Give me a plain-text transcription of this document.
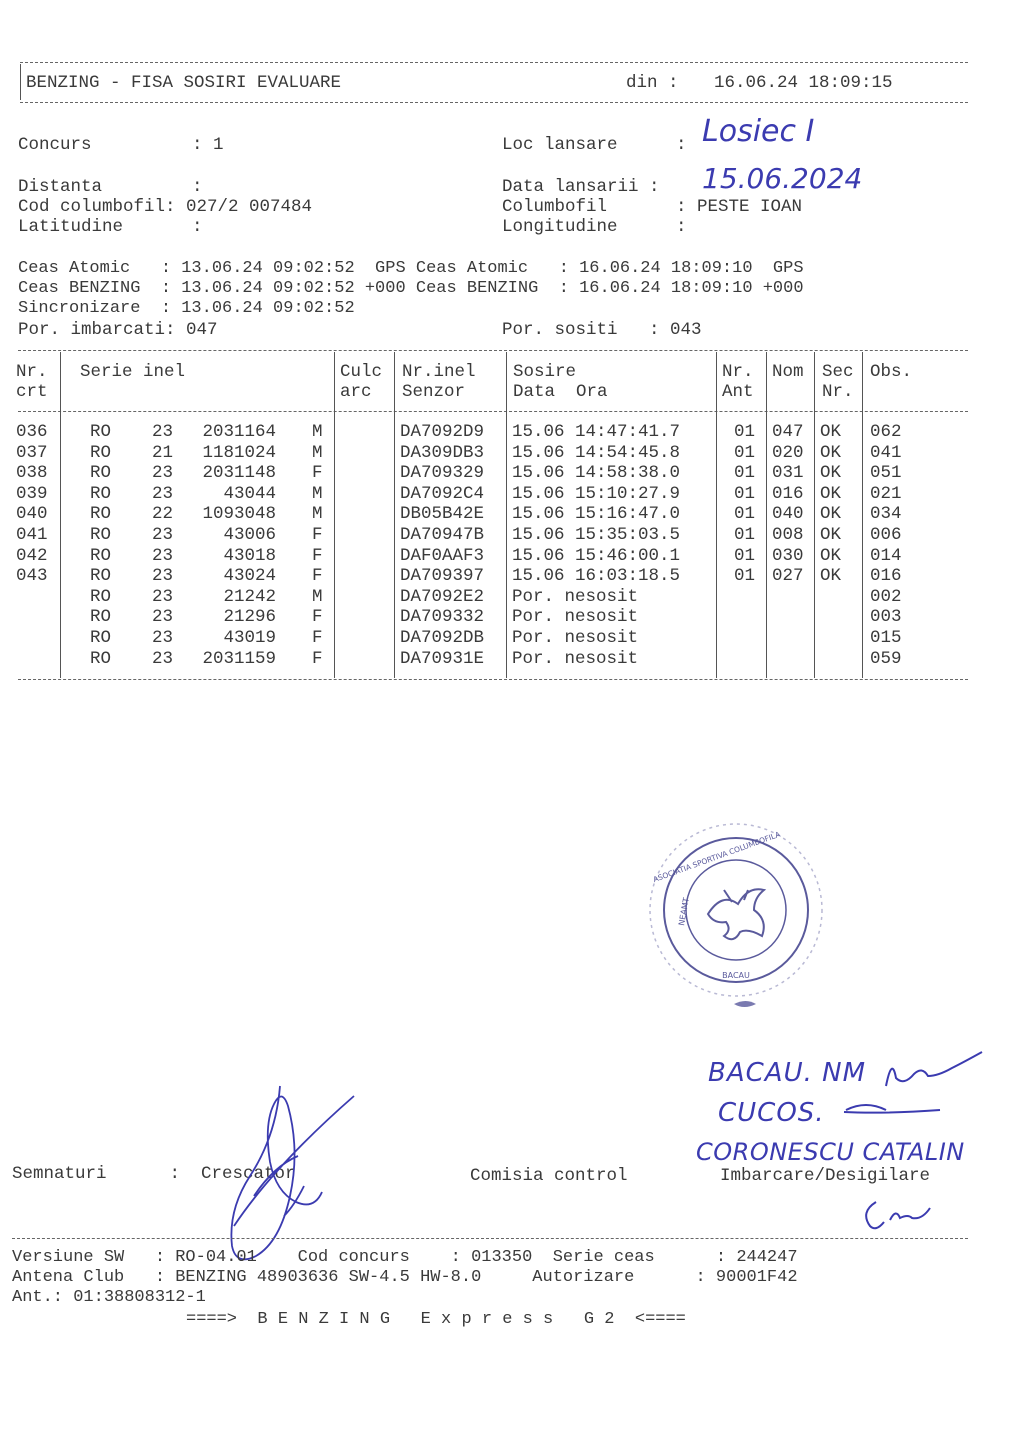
BENZING - FISA SOSIRI EVALUARE	din : 16.06.24 18:09:15
Concurs	: 1	Loc lansare	: Losiec I
Distanta	:	Data lansarii : 15.06.2024
Cod columbofil: 027/2 007484	Columbofil	: PESTE IOAN
Latitudine	:	Longitudine	:
Ceas Atomic   : 13.06.24 09:02:52  GPS Ceas Atomic   : 16.06.24 18:09:10  GPS
Ceas BENZING  : 13.06.24 09:02:52 +000 Ceas BENZING  : 16.06.24 18:09:10 +000
Sincronizare  : 13.06.24 09:02:52
Por. imbarcati: 047	Por. sositi   : 043
Nr.
crt
Serie inel	Culc
arc
Nr.inel
Senzor
Sosire
Data  Ora
Nr.
Ant
Nom Sec
Nr.
Obs.
036 RO 23 2031164 M	DA7092D9 15.06 14:47:41.7	01 047 OK 062
037 RO 21 1181024 M	DA309DB3 15.06 14:54:45.8	01 020 OK 041
038 RO 23 2031148 F	DA709329 15.06 14:58:38.0	01 031 OK 051
039 RO 23	43044 M	DA7092C4 15.06 15:10:27.9	01 016 OK 021
040 RO 22 1093048 M	DB05B42E 15.06 15:16:47.0	01 040 OK 034
041 RO 23	43006 F	DA70947B 15.06 15:35:03.5	01 008 OK 006
042 RO 23	43018 F	DAF0AAF3 15.06 15:46:00.1	01 030 OK 014
043 RO 23	43024 F	DA709397 15.06 16:03:18.5	01 027 OK 016
RO 23	21242 M	DA7092E2 Por. nesosit	002
RO 23	21296 F	DA709332 Por. nesosit	003
RO 23	43019 F	DA7092DB Por. nesosit	015
RO 23 2031159 F	DA70931E Por. nesosit	059
ASOCIATIA SPORTIVA COLUMBOFILA
NEAMT
BACAU
BACAU. NM
CUCOS.
CORONESCU CATALIN
Semnaturi      :  Crescator	Comisia control	Imbarcare/Desigilare
Versiune SW   : RO-04.01    Cod concurs    : 013350  Serie ceas      : 244247
Antena Club   : BENZING 48903636 SW-4.5 HW-8.0     Autorizare      : 90001F42
Ant.: 01:38808312-1
====>  B E N Z I N G   E x p r e s s   G 2  <====
